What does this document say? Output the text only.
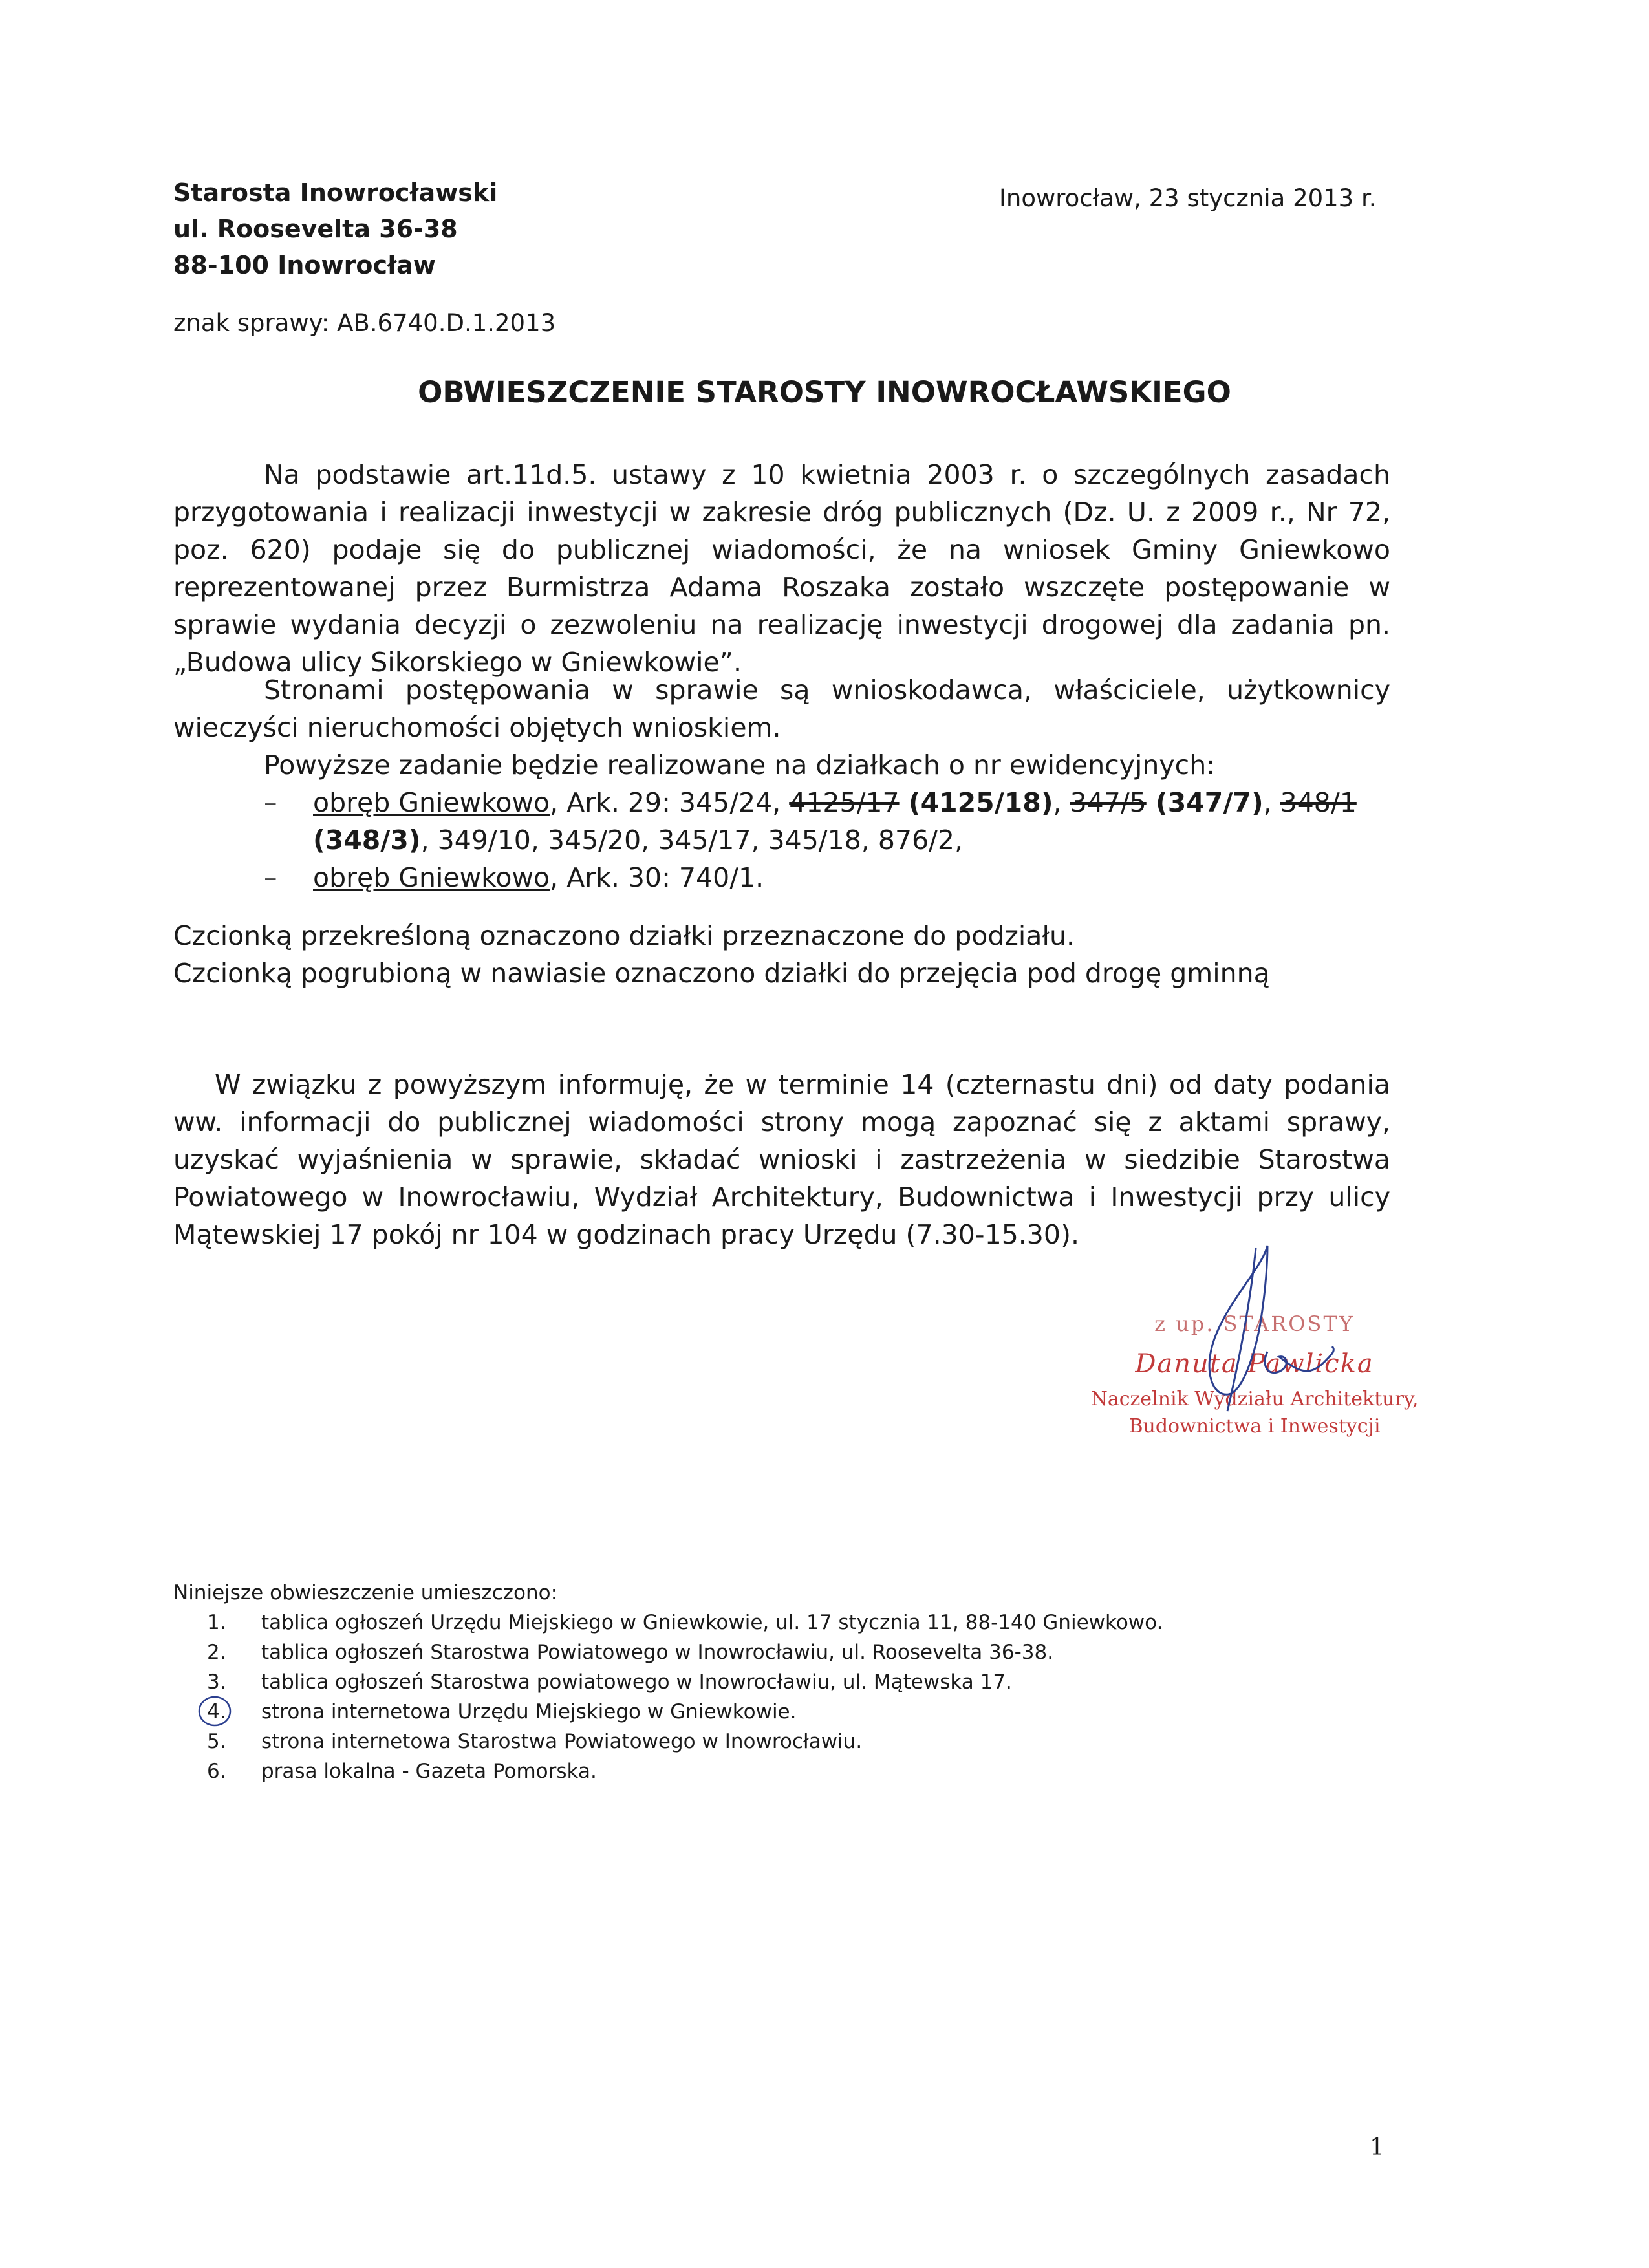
Starosta Inowrocławski
ul. Roosevelta 36-38
88-100 Inowrocław
Inowrocław, 23 stycznia 2013 r.
znak sprawy: AB.6740.D.1.2013
OBWIESZCZENIE STAROSTY INOWROCŁAWSKIEGO
Na podstawie art.11d.5. ustawy z 10 kwietnia 2003 r. o szczególnych zasadach przygotowania i realizacji inwestycji w zakresie dróg publicznych (Dz. U. z 2009 r., Nr 72, poz. 620) podaje się do publicznej wiadomości, że na wniosek Gminy Gniewkowo reprezentowanej przez Burmistrza Adama Roszaka zostało wszczęte postępowanie w sprawie wydania decyzji o zezwoleniu na realizację inwestycji drogowej dla zadania pn. „Budowa ulicy Sikorskiego w Gniewkowie”.
Stronami postępowania w sprawie są wnioskodawca, właściciele, użytkownicy wieczyści nieruchomości objętych wnioskiem.
Powyższe zadanie będzie realizowane na działkach o nr ewidencyjnych:
– obręb Gniewkowo, Ark. 29: 345/24, 4125/17 (4125/18), 347/5 (347/7), 348/1
(348/3), 349/10, 345/20, 345/17, 345/18, 876/2,
– obręb Gniewkowo, Ark. 30: 740/1.
Czcionką przekreśloną oznaczono działki przeznaczone do podziału.
Czcionką pogrubioną w nawiasie oznaczono działki do przejęcia pod drogę gminną
W związku z powyższym informuję, że w terminie 14 (czternastu dni) od daty podania ww. informacji do publicznej wiadomości strony mogą zapoznać się z aktami sprawy, uzyskać wyjaśnienia w sprawie, składać wnioski i zastrzeżenia w siedzibie Starostwa Powiatowego w Inowrocławiu, Wydział Architektury, Budownictwa i Inwestycji przy ulicy Mątewskiej 17 pokój nr 104 w godzinach pracy Urzędu (7.30-15.30).
z up. STAROSTY
Danuta Pawlicka
Naczelnik Wydziału Architektury,
Budownictwa i Inwestycji
Niniejsze obwieszczenie umieszczono:
1. tablica ogłoszeń Urzędu Miejskiego w Gniewkowie, ul. 17 stycznia 11, 88-140 Gniewkowo.
2. tablica ogłoszeń Starostwa Powiatowego w Inowrocławiu, ul. Roosevelta 36-38.
3. tablica ogłoszeń Starostwa powiatowego w Inowrocławiu, ul. Mątewska 17.
4. strona internetowa Urzędu Miejskiego w Gniewkowie.
5. strona internetowa Starostwa Powiatowego w Inowrocławiu.
6. prasa lokalna - Gazeta Pomorska.
1
